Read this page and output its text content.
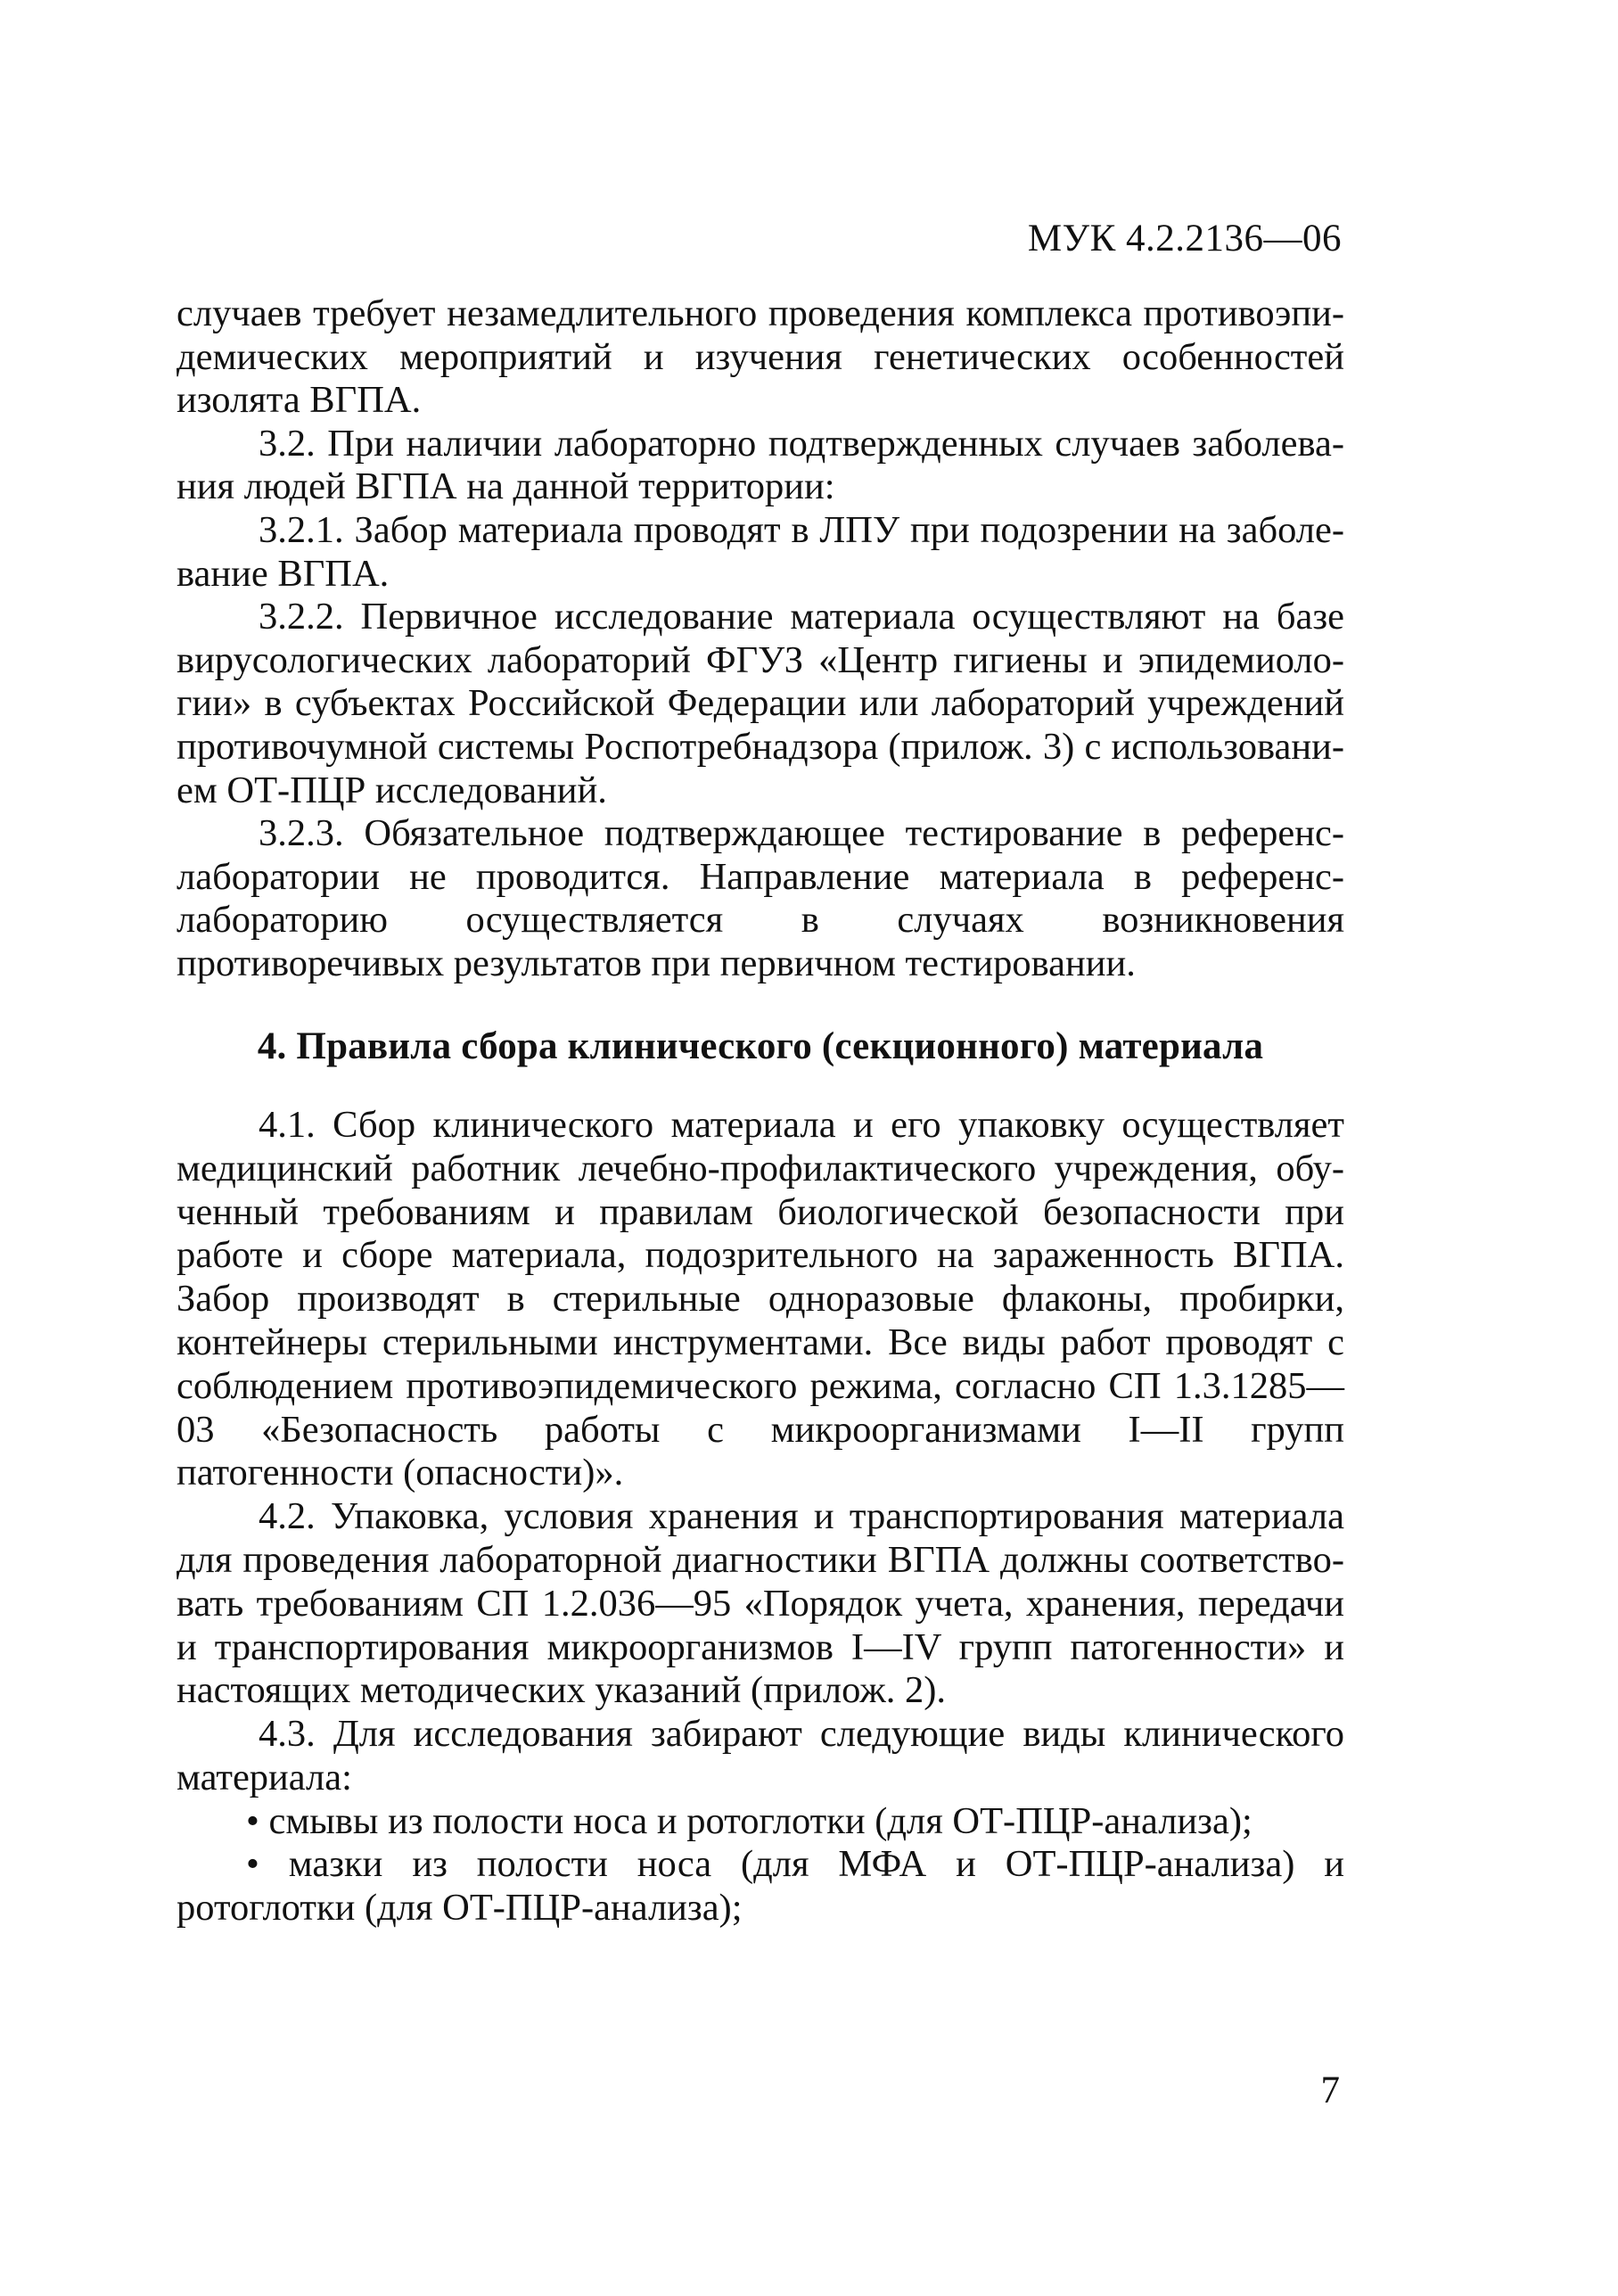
МУК 4.2.2136—06

случаев требует незамедлительного проведения комплекса противоэпидемических мероприятий и изучения генетических особенностей изолята ВГПА.

3.2. При наличии лабораторно подтвержденных случаев заболевания людей ВГПА на данной территории:

3.2.1. Забор материала проводят в ЛПУ при подозрении на заболевание ВГПА.

3.2.2. Первичное исследование материала осуществляют на базе вирусологических лабораторий ФГУЗ «Центр гигиены и эпидемиологии» в субъектах Российской Федерации или лабораторий учреждений противочумной системы Роспотребнадзора (прилож. 3) с использованием ОТ-ПЦР исследований.

3.2.3. Обязательное подтверждающее тестирование в референс-лаборатории не проводится. Направление материала в референс-лабораторию осуществляется в случаях возникновения противоречивых результатов при первичном тестировании.

4. Правила сбора клинического (секционного) материала

4.1. Сбор клинического материала и его упаковку осуществляет медицинский работник лечебно-профилактического учреждения, обученный требованиям и правилам биологической безопасности при работе и сборе материала, подозрительного на зараженность ВГПА. Забор производят в стерильные одноразовые флаконы, пробирки, контейнеры стерильными инструментами. Все виды работ проводят с соблюдением противоэпидемического режима, согласно СП 1.3.1285—03 «Безопасность работы с микроорганизмами I—II групп патогенности (опасности)».

4.2. Упаковка, условия хранения и транспортирования материала для проведения лабораторной диагностики ВГПА должны соответствовать требованиям СП 1.2.036—95 «Порядок учета, хранения, передачи и транспортирования микроорганизмов I—IV групп патогенности» и настоящих методических указаний (прилож. 2).

4.3. Для исследования забирают следующие виды клинического материала:

• смывы из полости носа и ротоглотки (для ОТ-ПЦР-анализа);

• мазки из полости носа (для МФА и ОТ-ПЦР-анализа) и ротоглотки (для ОТ-ПЦР-анализа);

7
